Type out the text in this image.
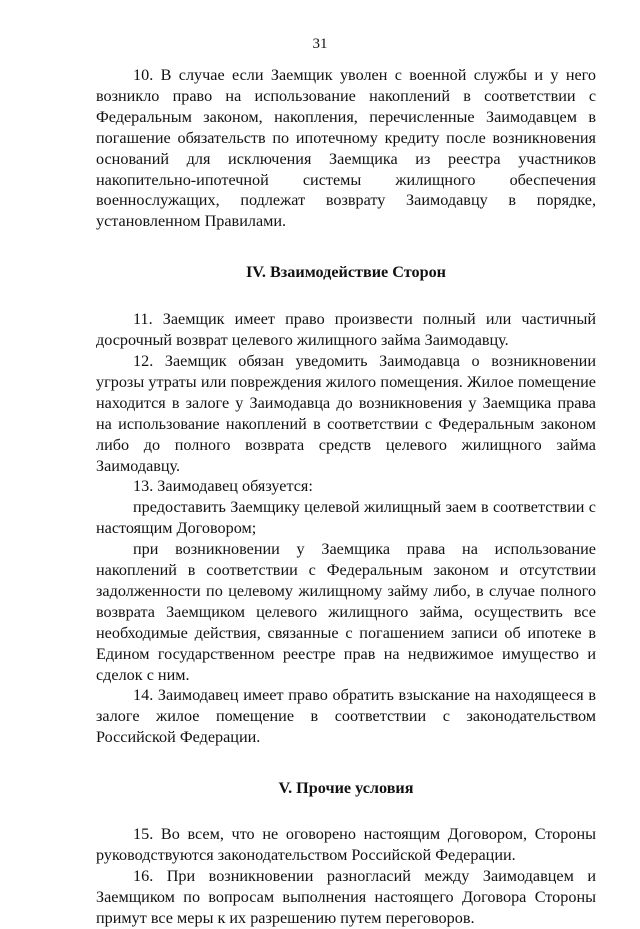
31

10. В случае если Заемщик уволен с военной службы и у него возникло право на использование накоплений в соответствии с Федеральным законом, накопления, перечисленные Заимодавцем в погашение обязательств по ипотечному кредиту после возникновения оснований для исключения Заемщика из реестра участников накопительно-ипотечной системы жилищного обеспечения военнослужащих, подлежат возврату Заимодавцу в порядке, установленном Правилами.

IV. Взаимодействие Сторон

11. Заемщик имеет право произвести полный или частичный досрочный возврат целевого жилищного займа Заимодавцу.

12. Заемщик обязан уведомить Заимодавца о возникновении угрозы утраты или повреждения жилого помещения. Жилое помещение находится в залоге у Заимодавца до возникновения у Заемщика права на использование накоплений в соответствии с Федеральным законом либо до полного возврата средств целевого жилищного займа Заимодавцу.

13. Заимодавец обязуется:

предоставить Заемщику целевой жилищный заем в соответствии с настоящим Договором;

при возникновении у Заемщика права на использование накоплений в соответствии с Федеральным законом и отсутствии задолженности по целевому жилищному займу либо, в случае полного возврата Заемщиком целевого жилищного займа, осуществить все необходимые действия, связанные с погашением записи об ипотеке в Едином государственном реестре прав на недвижимое имущество и сделок с ним.

14. Заимодавец имеет право обратить взыскание на находящееся в залоге жилое помещение в соответствии с законодательством Российской Федерации.

V. Прочие условия

15. Во всем, что не оговорено настоящим Договором, Стороны руководствуются законодательством Российской Федерации.

16. При возникновении разногласий между Заимодавцем и Заемщиком по вопросам выполнения настоящего Договора Стороны примут все меры к их разрешению путем переговоров.
